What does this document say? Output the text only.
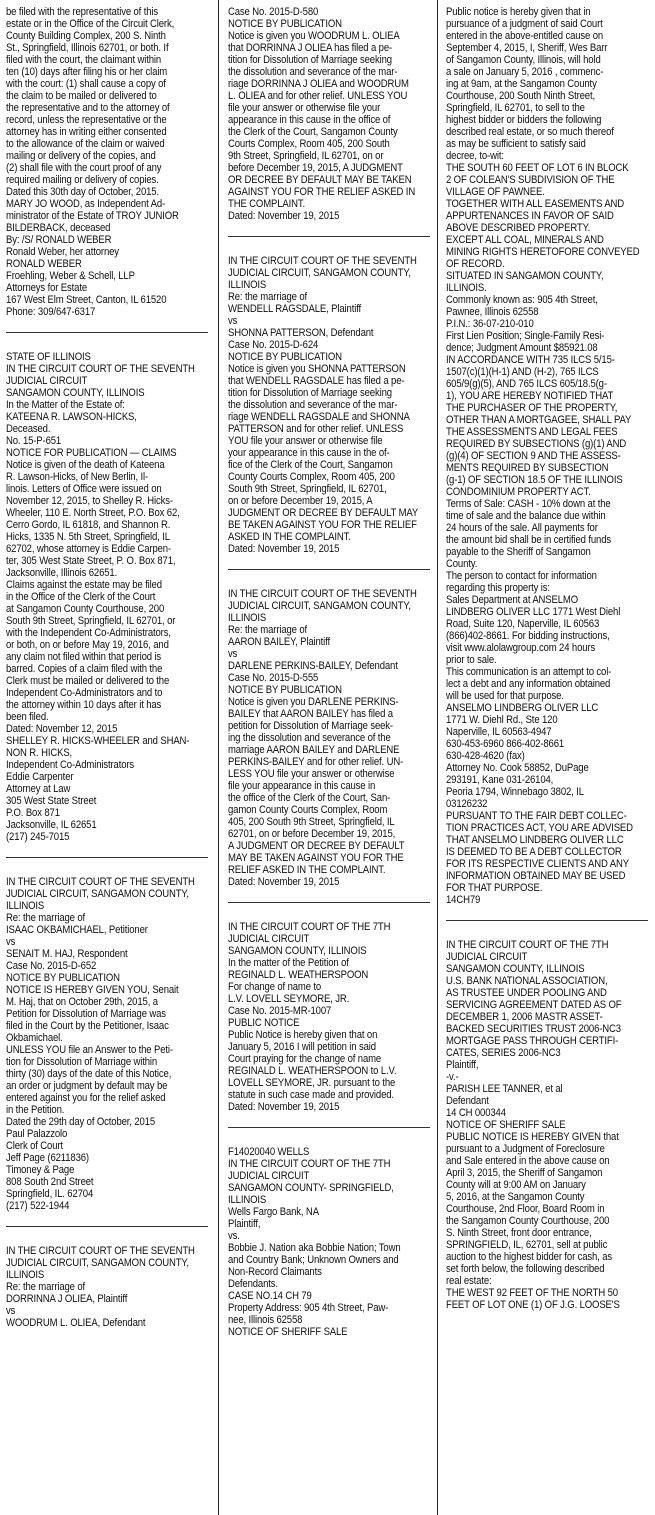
be filed with the representative of this
estate or in the Office of the Circuit Clerk,
County Building Complex, 200 S. Ninth
St., Springfield, Illinois 62701, or both. If
filed with the court, the claimant within
ten (10) days after filing his or her claim
with the court: (1) shall cause a copy of
the claim to be mailed or delivered to
the representative and to the attorney of
record, unless the representative or the
attorney has in writing either consented
to the allowance of the claim or waived
mailing or delivery of the copies, and
(2) shall file with the court proof of any
required mailing or delivery of copies.
Dated this 30th day of October, 2015.
MARY JO WOOD, as Independent Ad-
ministrator of the Estate of TROY JUNIOR
BILDERBACK, deceased
By: /S/ RONALD WEBER
Ronald Weber, her attorney
RONALD WEBER
Froehling, Weber & Schell, LLP
Attorneys for Estate
167 West Elm Street, Canton, IL 61520
Phone: 309/647-6317
STATE OF ILLINOIS
IN THE CIRCUIT COURT OF THE SEVENTH
JUDICIAL CIRCUIT
SANGAMON COUNTY, ILLINOIS
In the Matter of the Estate of:
KATEENA R. LAWSON-HICKS,
Deceased.
No. 15-P-651
NOTICE FOR PUBLICATION — CLAIMS
Notice is given of the death of Kateena
R. Lawson-Hicks, of New Berlin, Il-
linois. Letters of Office were issued on
November 12, 2015, to Shelley R. Hicks-
Wheeler, 110 E. North Street, P.O. Box 62,
Cerro Gordo, IL 61818, and Shannon R.
Hicks, 1335 N. 5th Street, Springfield, IL
62702, whose attorney is Eddie Carpen-
ter, 305 West State Street, P. O. Box 871,
Jacksonville, Illinois 62651.
Claims against the estate may be filed
in the Office of the Clerk of the Court
at Sangamon County Courthouse, 200
South 9th Street, Springfield, IL 62701, or
with the Independent Co-Administrators,
or both, on or before May 19, 2016, and
any claim not filed within that period is
barred. Copies of a claim filed with the
Clerk must be mailed or delivered to the
Independent Co-Administrators and to
the attorney within 10 days after it has
been filed.
Dated: November 12, 2015
SHELLEY R. HICKS-WHEELER and SHAN-
NON R. HICKS,
Independent Co-Administrators
Eddie Carpenter
Attorney at Law
305 West State Street
P.O. Box 871
Jacksonville, IL 62651
(217) 245-7015
IN THE CIRCUIT COURT OF THE SEVENTH
JUDICIAL CIRCUIT, SANGAMON COUNTY,
ILLINOIS
Re: the marriage of
ISAAC OKBAMICHAEL, Petitioner
vs
SENAIT M. HAJ, Respondent
Case No. 2015-D-652
NOTICE BY PUBLICATION
NOTICE IS HEREBY GIVEN YOU, Senait
M. Haj, that on October 29th, 2015, a
Petition for Dissolution of Marriage was
filed in the Court by the Petitioner, Isaac
Okbamichael.
UNLESS YOU file an Answer to the Peti-
tion for Dissolution of Marriage within
thirty (30) days of the date of this Notice,
an order or judgment by default may be
entered against you for the relief asked
in the Petition.
Dated the 29th day of October, 2015
Paul Palazzolo
Clerk of Court
Jeff Page (6211836)
Timoney & Page
808 South 2nd Street
Springfield, IL. 62704
(217) 522-1944
IN THE CIRCUIT COURT OF THE SEVENTH
JUDICIAL CIRCUIT, SANGAMON COUNTY,
ILLINOIS
Re: the marriage of
DORRINNA J OLIEA, Plaintiff
vs
WOODRUM L. OLIEA, Defendant
Case No. 2015-D-580
NOTICE BY PUBLICATION
Notice is given you WOODRUM L. OLIEA
that DORRINNA J OLIEA has filed a pe-
tition for Dissolution of Marriage seeking
the dissolution and severance of the mar-
riage DORRINNA J OLIEA and WOODRUM
L. OLIEA and for other relief. UNLESS YOU
file your answer or otherwise file your
appearance in this cause in the office of
the Clerk of the Court, Sangamon County
Courts Complex, Room 405, 200 South
9th Street, Springfield, IL 62701, on or
before December 19, 2015, A JUDGMENT
OR DECREE BY DEFAULT MAY BE TAKEN
AGAINST YOU FOR THE RELIEF ASKED IN
THE COMPLAINT.
Dated: November 19, 2015
IN THE CIRCUIT COURT OF THE SEVENTH
JUDICIAL CIRCUIT, SANGAMON COUNTY,
ILLINOIS
Re: the marriage of
WENDELL RAGSDALE, Plaintiff
vs
SHONNA PATTERSON, Defendant
Case No. 2015-D-624
NOTICE BY PUBLICATION
Notice is given you SHONNA PATTERSON
that WENDELL RAGSDALE has filed a pe-
tition for Dissolution of Marriage seeking
the dissolution and severance of the mar-
riage WENDELL RAGSDALE and SHONNA
PATTERSON and for other relief. UNLESS
YOU file your answer or otherwise file
your appearance in this cause in the of-
fice of the Clerk of the Court, Sangamon
County Courts Complex, Room 405, 200
South 9th Street, Springfield, IL 62701,
on or before December 19, 2015, A
JUDGMENT OR DECREE BY DEFAULT MAY
BE TAKEN AGAINST YOU FOR THE RELIEF
ASKED IN THE COMPLAINT.
Dated: November 19, 2015
IN THE CIRCUIT COURT OF THE SEVENTH
JUDICIAL CIRCUIT, SANGAMON COUNTY,
ILLINOIS
Re: the marriage of
AARON BAILEY, Plaintiff
vs
DARLENE PERKINS-BAILEY, Defendant
Case No. 2015-D-555
NOTICE BY PUBLICATION
Notice is given you DARLENE PERKINS-
BAILEY that AARON BAILEY has filed a
petition for Dissolution of Marriage seek-
ing the dissolution and severance of the
marriage AARON BAILEY and DARLENE
PERKINS-BAILEY and for other relief. UN-
LESS YOU file your answer or otherwise
file your appearance in this cause in
the office of the Clerk of the Court, San-
gamon County Courts Complex, Room
405, 200 South 9th Street, Springfield, IL
62701, on or before December 19, 2015,
A JUDGMENT OR DECREE BY DEFAULT
MAY BE TAKEN AGAINST YOU FOR THE
RELIEF ASKED IN THE COMPLAINT.
Dated: November 19, 2015
IN THE CIRCUIT COURT OF THE 7TH
JUDICIAL CIRCUIT
SANGAMON COUNTY, ILLINOIS
In the matter of the Petition of
REGINALD L. WEATHERSPOON
For change of name to
L.V. LOVELL SEYMORE, JR.
Case No. 2015-MR-1007
PUBLIC NOTICE
Public Notice is hereby given that on
January 5, 2016 I will petition in said
Court praying for the change of name
REGINALD L. WEATHERSPOON to L.V.
LOVELL SEYMORE, JR. pursuant to the
statute in such case made and provided.
Dated: November 19, 2015
F14020040 WELLS
IN THE CIRCUIT COURT OF THE 7TH
JUDICIAL CIRCUIT
SANGAMON COUNTY- SPRINGFIELD,
ILLINOIS
Wells Fargo Bank, NA
Plaintiff,
vs.
Bobbie J. Nation aka Bobbie Nation; Town
and Country Bank; Unknown Owners and
Non-Record Claimants
Defendants.
CASE NO.14 CH 79
Property Address: 905 4th Street, Paw-
nee, Illinois 62558
NOTICE OF SHERIFF SALE
Public notice is hereby given that in
pursuance of a judgment of said Court
entered in the above-entitled cause on
September 4, 2015, I, Sheriff, Wes Barr
of Sangamon County, Illinois, will hold
a sale on January 5, 2016 , commenc-
ing at 9am, at the Sangamon County
Courthouse, 200 South Ninth Street,
Springfield, IL 62701, to sell to the
highest bidder or bidders the following
described real estate, or so much thereof
as may be sufficient to satisfy said
decree, to-wit:
THE SOUTH 60 FEET OF LOT 6 IN BLOCK
2 OF COLEAN'S SUBDIVISION OF THE
VILLAGE OF PAWNEE.
TOGETHER WITH ALL EASEMENTS AND
APPURTENANCES IN FAVOR OF SAID
ABOVE DESCRIBED PROPERTY.
EXCEPT ALL COAL, MINERALS AND
MINING RIGHTS HERETOFORE CONVEYED
OF RECORD.
SITUATED IN SANGAMON COUNTY,
ILLINOIS.
Commonly known as: 905 4th Street,
Pawnee, Illinois 62558
P.I.N.: 36-07-210-010
First Lien Position; Single-Family Resi-
dence; Judgment Amount $85921.08
IN ACCORDANCE WITH 735 ILCS 5/15-
1507(c)(1)(H-1) AND (H-2), 765 ILCS
605/9(g)(5), AND 765 ILCS 605/18.5(g-
1), YOU ARE HEREBY NOTIFIED THAT
THE PURCHASER OF THE PROPERTY,
OTHER THAN A MORTGAGEE, SHALL PAY
THE ASSESSMENTS AND LEGAL FEES
REQUIRED BY SUBSECTIONS (g)(1) AND
(g)(4) OF SECTION 9 AND THE ASSESS-
MENTS REQUIRED BY SUBSECTION
(g-1) OF SECTION 18.5 OF THE ILLINOIS
CONDOMINIUM PROPERTY ACT.
Terms of Sale: CASH - 10% down at the
time of sale and the balance due within
24 hours of the sale. All payments for
the amount bid shall be in certified funds
payable to the Sheriff of Sangamon
County.
The person to contact for information
regarding this property is:
Sales Department at ANSELMO
LINDBERG OLIVER LLC 1771 West Diehl
Road, Suite 120, Naperville, IL 60563
(866)402-8661. For bidding instructions,
visit www.alolawgroup.com 24 hours
prior to sale.
This communication is an attempt to col-
lect a debt and any information obtained
will be used for that purpose.
ANSELMO LINDBERG OLIVER LLC
1771 W. Diehl Rd., Ste 120
Naperville, IL 60563-4947
630-453-6960 866-402-8661
630-428-4620 (fax)
Attorney No. Cook 58852, DuPage
293191, Kane 031-26104,
Peoria 1794, Winnebago 3802, IL
03126232
PURSUANT TO THE FAIR DEBT COLLEC-
TION PRACTICES ACT, YOU ARE ADVISED
THAT ANSELMO LINDBERG OLIVER LLC
IS DEEMED TO BE A DEBT COLLECTOR
FOR ITS RESPECTIVE CLIENTS AND ANY
INFORMATION OBTAINED MAY BE USED
FOR THAT PURPOSE.
14CH79
IN THE CIRCUIT COURT OF THE 7TH
JUDICIAL CIRCUIT
SANGAMON COUNTY, ILLINOIS
U.S. BANK NATIONAL ASSOCIATION,
AS TRUSTEE UNDER POOLING AND
SERVICING AGREEMENT DATED AS OF
DECEMBER 1, 2006 MASTR ASSET-
BACKED SECURITIES TRUST 2006-NC3
MORTGAGE PASS THROUGH CERTIFI-
CATES, SERIES 2006-NC3
Plaintiff,
-v.-
PARISH LEE TANNER, et al
Defendant
14 CH 000344
NOTICE OF SHERIFF SALE
PUBLIC NOTICE IS HEREBY GIVEN that
pursuant to a Judgment of Foreclosure
and Sale entered in the above cause on
April 3, 2015, the Sheriff of Sangamon
County will at 9:00 AM on January
5, 2016, at the Sangamon County
Courthouse, 2nd Floor, Board Room in
the Sangamon County Courthouse, 200
S. Ninth Street, front door entrance,
SPRINGFIELD, IL, 62701, sell at public
auction to the highest bidder for cash, as
set forth below, the following described
real estate:
THE WEST 92 FEET OF THE NORTH 50
FEET OF LOT ONE (1) OF J.G. LOOSE'S
